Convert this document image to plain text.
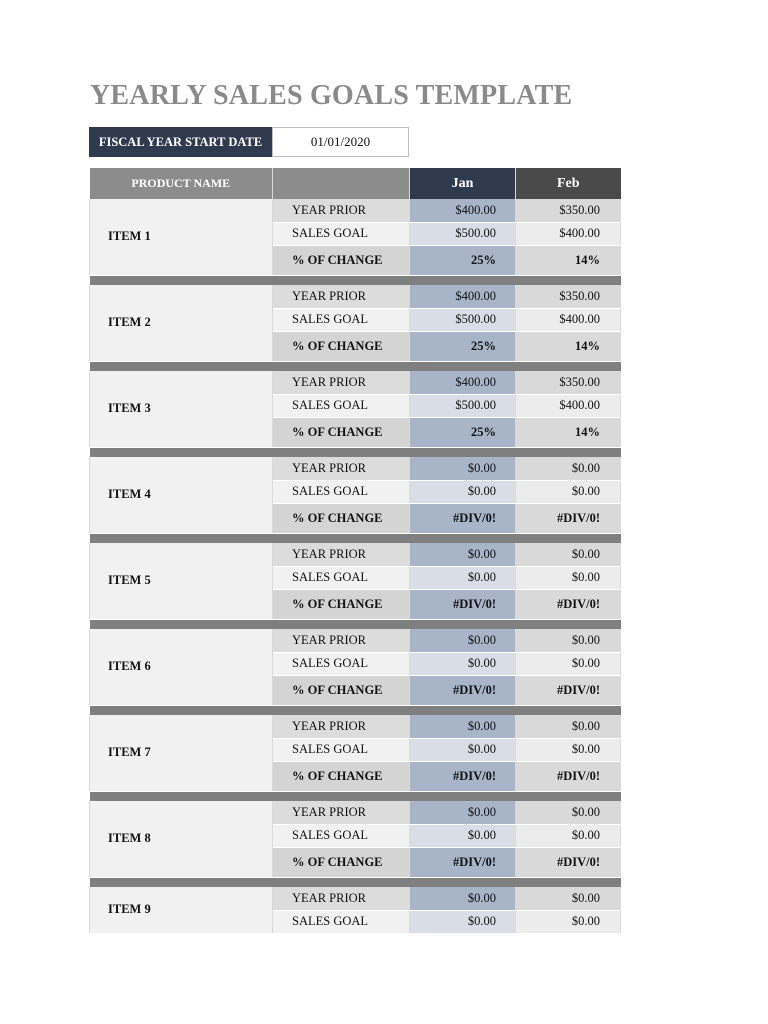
YEARLY SALES GOALS TEMPLATE
FISCAL YEAR START DATE	01/01/2020
PRODUCT NAME		Jan	Feb
ITEM 1	YEAR PRIOR	$400.00	$350.00
	SALES GOAL	$500.00	$400.00
	% OF CHANGE	25%	14%

ITEM 2	YEAR PRIOR	$400.00	$350.00
	SALES GOAL	$500.00	$400.00
	% OF CHANGE	25%	14%

ITEM 3	YEAR PRIOR	$400.00	$350.00
	SALES GOAL	$500.00	$400.00
	% OF CHANGE	25%	14%

ITEM 4	YEAR PRIOR	$0.00	$0.00
	SALES GOAL	$0.00	$0.00
	% OF CHANGE	#DIV/0!	#DIV/0!

ITEM 5	YEAR PRIOR	$0.00	$0.00
	SALES GOAL	$0.00	$0.00
	% OF CHANGE	#DIV/0!	#DIV/0!

ITEM 6	YEAR PRIOR	$0.00	$0.00
	SALES GOAL	$0.00	$0.00
	% OF CHANGE	#DIV/0!	#DIV/0!

ITEM 7	YEAR PRIOR	$0.00	$0.00
	SALES GOAL	$0.00	$0.00
	% OF CHANGE	#DIV/0!	#DIV/0!

ITEM 8	YEAR PRIOR	$0.00	$0.00
	SALES GOAL	$0.00	$0.00
	% OF CHANGE	#DIV/0!	#DIV/0!

ITEM 9	YEAR PRIOR	$0.00	$0.00
	SALES GOAL	$0.00	$0.00
